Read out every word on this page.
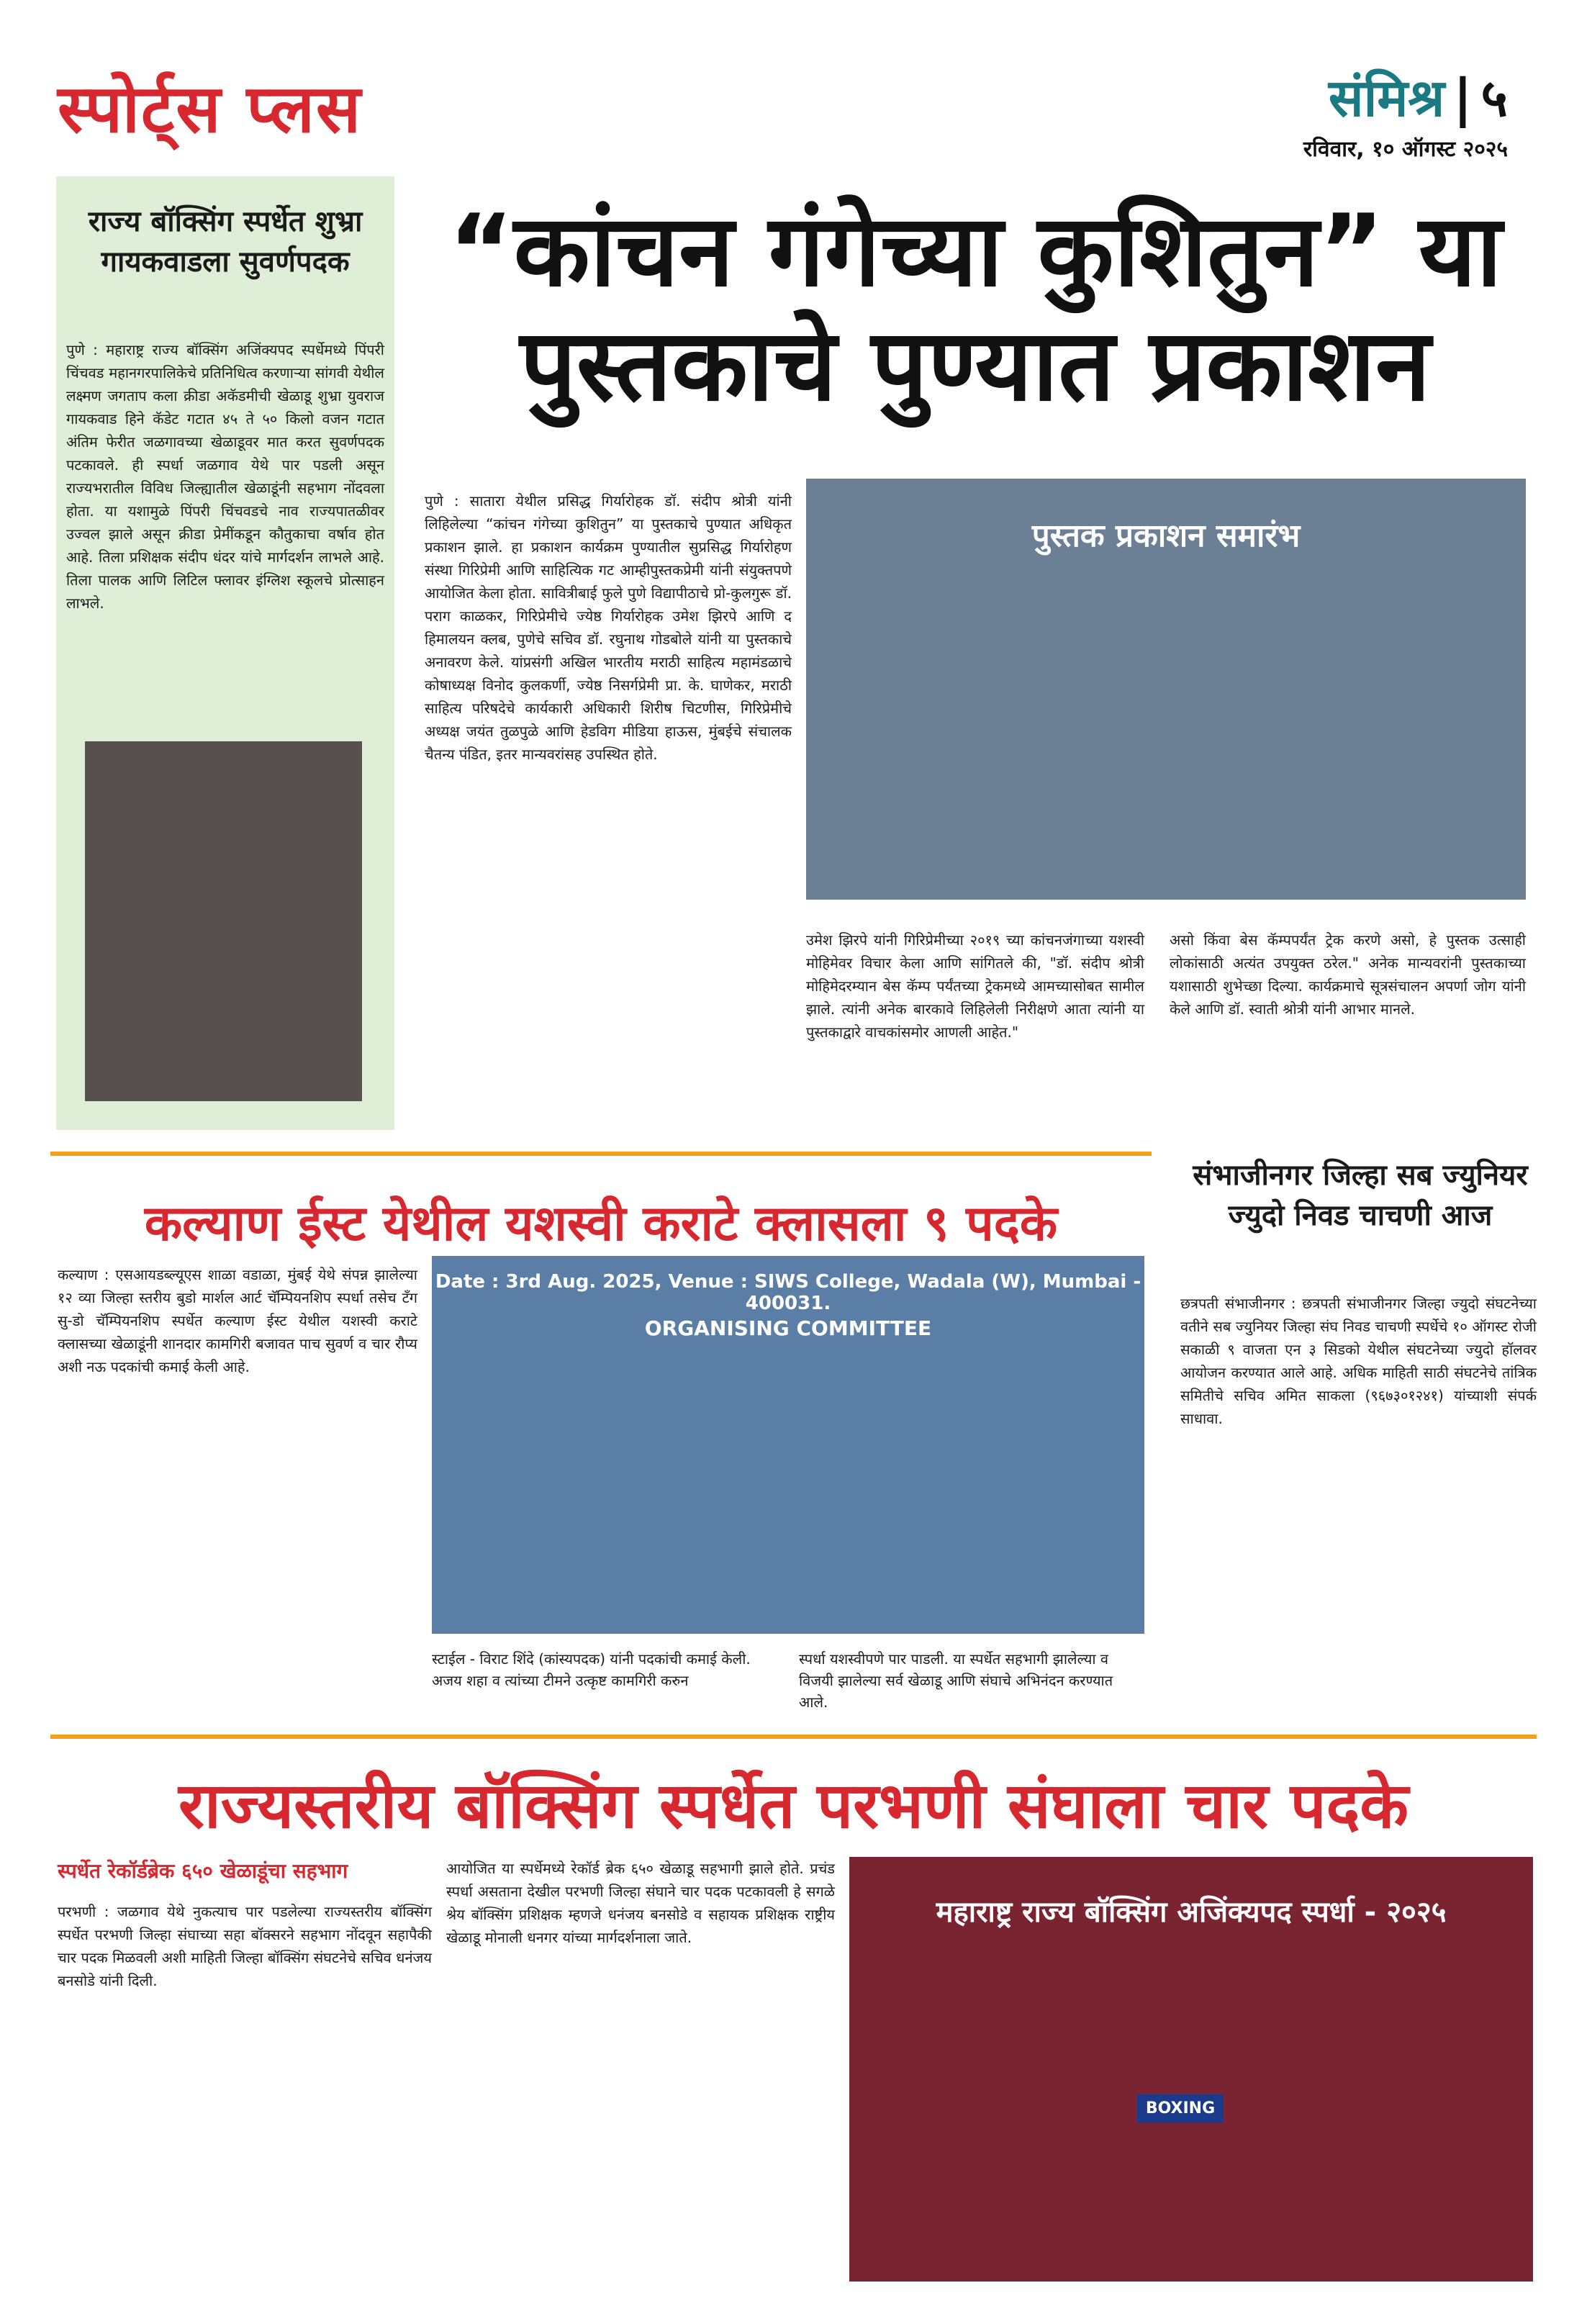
स्पोर्ट्स प्लस	संमिश्र | ५
रविवार, १० ऑगस्ट २०२५
राज्य बॉक्सिंग स्पर्धेत शुभ्रा गायकवाडला सुवर्णपदक
पुणे : महाराष्ट्र राज्य बॉक्सिंग अजिंक्यपद स्पर्धेमध्ये पिंपरी चिंचवड महानगरपालिकेचे प्रतिनिधित्व करणाऱ्या सांगवी येथील लक्ष्मण जगताप कला क्रीडा अकॅडमीची खेळाडू शुभ्रा युवराज गायकवाड हिने कॅडेट गटात ४५ ते ५० किलो वजन गटात अंतिम फेरीत जळगावच्या खेळाडूवर मात करत सुवर्णपदक पटकावले. ही स्पर्धा जळगाव येथे पार पडली असून राज्यभरातील विविध जिल्ह्यातील खेळाडूंनी सहभाग नोंदवला होता. या यशामुळे पिंपरी चिंचवडचे नाव राज्यपातळीवर उज्वल झाले असून क्रीडा प्रेमींकडून कौतुकाचा वर्षाव होत आहे. तिला प्रशिक्षक संदीप धंदर यांचे मार्गदर्शन लाभले आहे. तिला पालक आणि लिटिल फ्लावर इंग्लिश स्कूलचे प्रोत्साहन लाभले.
“कांचन गंगेच्या कुशितुन” या पुस्तकाचे पुण्यात प्रकाशन
पुणे : सातारा येथील प्रसिद्ध गिर्यारोहक डॉ. संदीप श्रोत्री यांनी लिहिलेल्या “कांचन गंगेच्या कुशितुन” या पुस्तकाचे पुण्यात अधिकृत प्रकाशन झाले. हा प्रकाशन कार्यक्रम पुण्यातील सुप्रसिद्ध गिर्यारोहण संस्था गिरिप्रेमी आणि साहित्यिक गट आम्हीपुस्तकप्रेमी यांनी संयुक्तपणे आयोजित केला होता. सावित्रीबाई फुले पुणे विद्यापीठाचे प्रो-कुलगुरू डॉ. पराग काळकर, गिरिप्रेमीचे ज्येष्ठ गिर्यारोहक उमेश झिरपे आणि द हिमालयन क्लब, पुणेचे सचिव डॉ. रघुनाथ गोडबोले यांनी या पुस्तकाचे अनावरण केले. यांप्रसंगी अखिल भारतीय मराठी साहित्य महामंडळाचे कोषाध्यक्ष विनोद कुलकर्णी, ज्येष्ठ निसर्गप्रेमी प्रा. के. घाणेकर, मराठी साहित्य परिषदेचे कार्यकारी अधिकारी शिरीष चिटणीस, गिरिप्रेमीचे अध्यक्ष जयंत तुळपुळे आणि हेडविग मीडिया हाऊस, मुंबईचे संचालक चैतन्य पंडित, इतर मान्यवरांसह उपस्थित होते.
पुस्तक प्रकाशन समारंभ
उमेश झिरपे यांनी गिरिप्रेमीच्या २०१९ च्या कांचनजंगाच्या यशस्वी मोहिमेवर विचार केला आणि सांगितले की, "डॉ. संदीप श्रोत्री मोहिमेदरम्यान बेस कॅम्प पर्यंतच्या ट्रेकमध्ये आमच्यासोबत सामील झाले. त्यांनी अनेक बारकावे लिहिलेली निरीक्षणे आता त्यांनी या पुस्तकाद्वारे वाचकांसमोर आणली आहेत."
असो किंवा बेस कॅम्पपर्यंत ट्रेक करणे असो, हे पुस्तक उत्साही लोकांसाठी अत्यंत उपयुक्त ठरेल." अनेक मान्यवरांनी पुस्तकाच्या यशासाठी शुभेच्छा दिल्या. कार्यक्रमाचे सूत्रसंचालन अपर्णा जोग यांनी केले आणि डॉ. स्वाती श्रोत्री यांनी आभार मानले.
कल्याण ईस्ट येथील यशस्वी कराटे क्लासला ९ पदके
कल्याण : एसआयडब्ल्यूएस शाळा वडाळा, मुंबई येथे संपन्न झालेल्या १२ व्या जिल्हा स्तरीय बुडो मार्शल आर्ट चॅम्पियनशिप स्पर्धा तसेच टँग सु-डो चॅम्पियनशिप स्पर्धेत कल्याण ईस्ट येथील यशस्वी कराटे क्लासच्या खेळाडूंनी शानदार कामगिरी बजावत पाच सुवर्ण व चार रौप्य अशी नऊ पदकांची कमाई केली आहे.
Date : 3rd Aug. 2025, Venue : SIWS College, Wadala (W), Mumbai - 400031.
ORGANISING COMMITTEE
स्टाईल - विराट शिंदे (कांस्यपदक) यांनी पदकांची कमाई केली. अजय शहा व त्यांच्या टीमने उत्कृष्ट कामगिरी करुन
स्पर्धा यशस्वीपणे पार पाडली. या स्पर्धेत सहभागी झालेल्या व विजयी झालेल्या सर्व खेळाडू आणि संघाचे अभिनंदन करण्यात आले.
संभाजीनगर जिल्हा सब ज्युनियर ज्युदो निवड चाचणी आज
छत्रपती संभाजीनगर : छत्रपती संभाजीनगर जिल्हा ज्युदो संघटनेच्या वतीने सब ज्युनियर जिल्हा संघ निवड चाचणी स्पर्धेचे १० ऑगस्ट रोजी सकाळी ९ वाजता एन ३ सिडको येथील संघटनेच्या ज्युदो हॉलवर आयोजन करण्यात आले आहे. अधिक माहिती साठी संघटनेचे तांत्रिक समितीचे सचिव अमित साकला (९६७३०१२४१) यांच्याशी संपर्क साधावा.
राज्यस्तरीय बॉक्सिंग स्पर्धेत परभणी संघाला चार पदके
स्पर्धेत रेकॉर्डब्रेक ६५० खेळाडूंचा सहभाग
परभणी : जळगाव येथे नुकत्याच पार पडलेल्या राज्यस्तरीय बॉक्सिंग स्पर्धेत परभणी जिल्हा संघाच्या सहा बॉक्सरने सहभाग नोंदवून सहापैकी चार पदक मिळवली अशी माहिती जिल्हा बॉक्सिंग संघटनेचे सचिव धनंजय बनसोडे यांनी दिली.
आयोजित या स्पर्धेमध्ये रेकॉर्ड ब्रेक ६५० खेळाडू सहभागी झाले होते. प्रचंड स्पर्धा असताना देखील परभणी जिल्हा संघाने चार पदक पटकावली हे सगळे श्रेय बॉक्सिंग प्रशिक्षक म्हणजे धनंजय बनसोडे व सहायक प्रशिक्षक राष्ट्रीय खेळाडू मोनाली धनगर यांच्या मार्गदर्शनाला जाते.
महाराष्ट्र राज्य बॉक्सिंग अजिंक्यपद स्पर्धा - २०२५
BOXING
